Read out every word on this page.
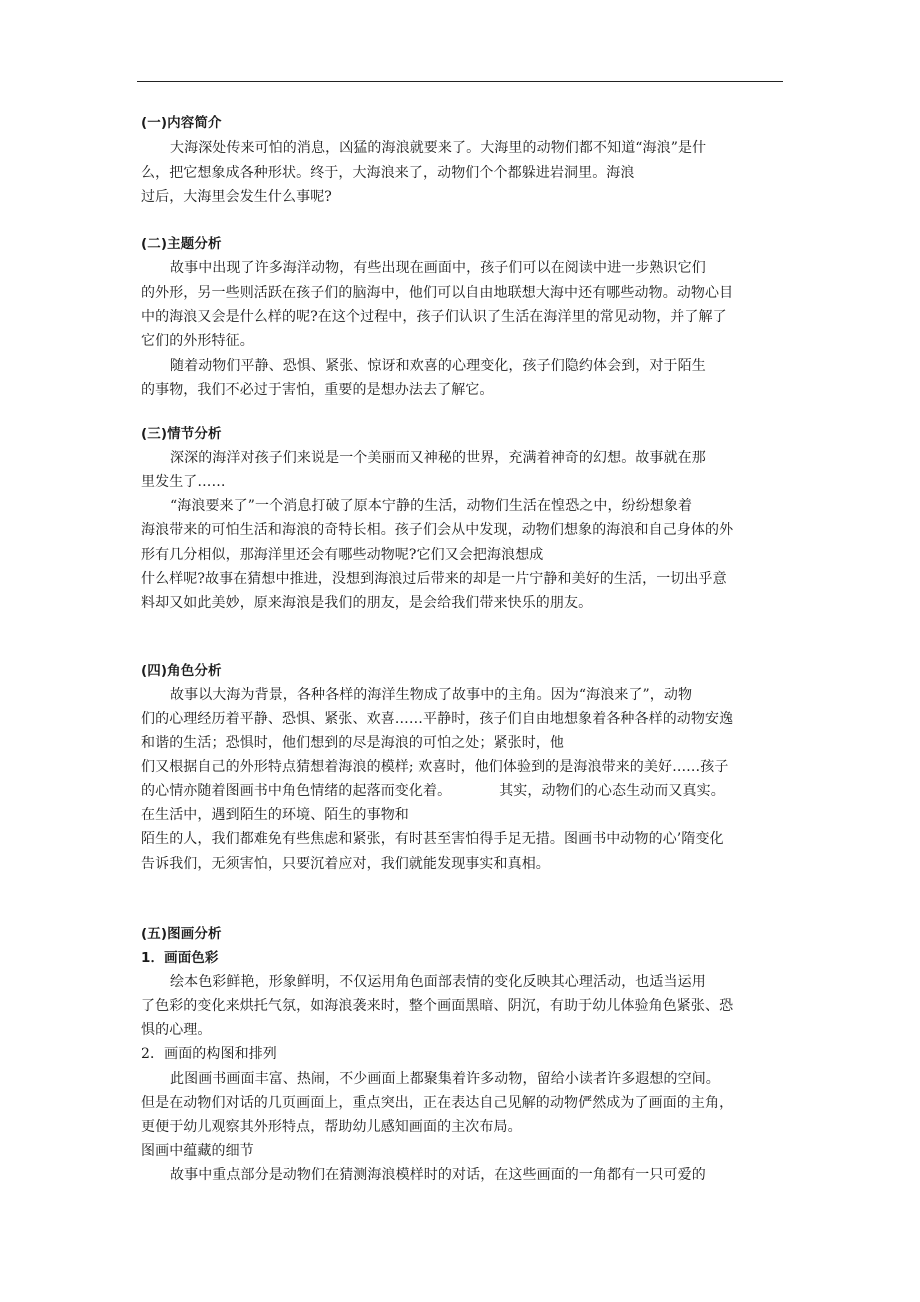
(一)内容简介
大海深处传来可怕的消息，凶猛的海浪就要来了。大海里的动物们都不知道“海浪”是什
么，把它想象成各种形状。终于，大海浪来了，动物们个个都躲进岩洞里。海浪
过后，大海里会发生什么事呢?
(二)主题分析
故事中出现了许多海洋动物，有些出现在画面中，孩子们可以在阅读中进一步熟识它们
的外形，另一些则活跃在孩子们的脑海中，他们可以自由地联想大海中还有哪些动物。动物心目
中的海浪又会是什么样的呢?在这个过程中，孩子们认识了生活在海洋里的常见动物，并了解了
它们的外形特征。
随着动物们平静、恐惧、紧张、惊讶和欢喜的心理变化，孩子们隐约体会到，对于陌生
的事物，我们不必过于害怕，重要的是想办法去了解它。
(三)情节分析
深深的海洋对孩子们来说是一个美丽而又神秘的世界，充满着神奇的幻想。故事就在那
里发生了……
“海浪要来了”一个消息打破了原本宁静的生活，动物们生活在惶恐之中，纷纷想象着
海浪带来的可怕生活和海浪的奇特长相。孩子们会从中发现，动物们想象的海浪和自己身体的外
形有几分相似，那海洋里还会有哪些动物呢?它们又会把海浪想成
什么样呢?故事在猜想中推进，没想到海浪过后带来的却是一片宁静和美好的生活，一切出乎意
料却又如此美妙，原来海浪是我们的朋友，是会给我们带来快乐的朋友。
(四)角色分析
故事以大海为背景，各种各样的海洋生物成了故事中的主角。因为“海浪来了”，动物
们的心理经历着平静、恐惧、紧张、欢喜……平静时，孩子们自由地想象着各种各样的动物安逸
和谐的生活；恐惧时，他们想到的尽是海浪的可怕之处；紧张时，他
们又根据自己的外形特点猜想着海浪的模样; 欢喜时，他们体验到的是海浪带来的美好……孩子
的心情亦随着图画书中角色情绪的起落而变化着。	其实，动物们的心态生动而又真实。
在生活中，遇到陌生的环境、陌生的事物和
陌生的人，我们都难免有些焦虑和紧张，有时甚至害怕得手足无措。图画书中动物的心’隋变化
告诉我们，无须害怕，只要沉着应对，我们就能发现事实和真相。
(五)图画分析
1．画面色彩
绘本色彩鲜艳，形象鲜明，不仅运用角色面部表情的变化反映其心理活动，也适当运用
了色彩的变化来烘托气氛，如海浪袭来时，整个画面黑暗、阴沉，有助于幼儿体验角色紧张、恐
惧的心理。
2．画面的构图和排列
此图画书画面丰富、热闹，不少画面上都聚集着许多动物，留给小读者许多遐想的空间。
但是在动物们对话的几页画面上，重点突出，正在表达自己见解的动物俨然成为了画面的主角，
更便于幼儿观察其外形特点，帮助幼儿感知画面的主次布局。
图画中蕴藏的细节
故事中重点部分是动物们在猜测海浪模样时的对话，在这些画面的一角都有一只可爱的
